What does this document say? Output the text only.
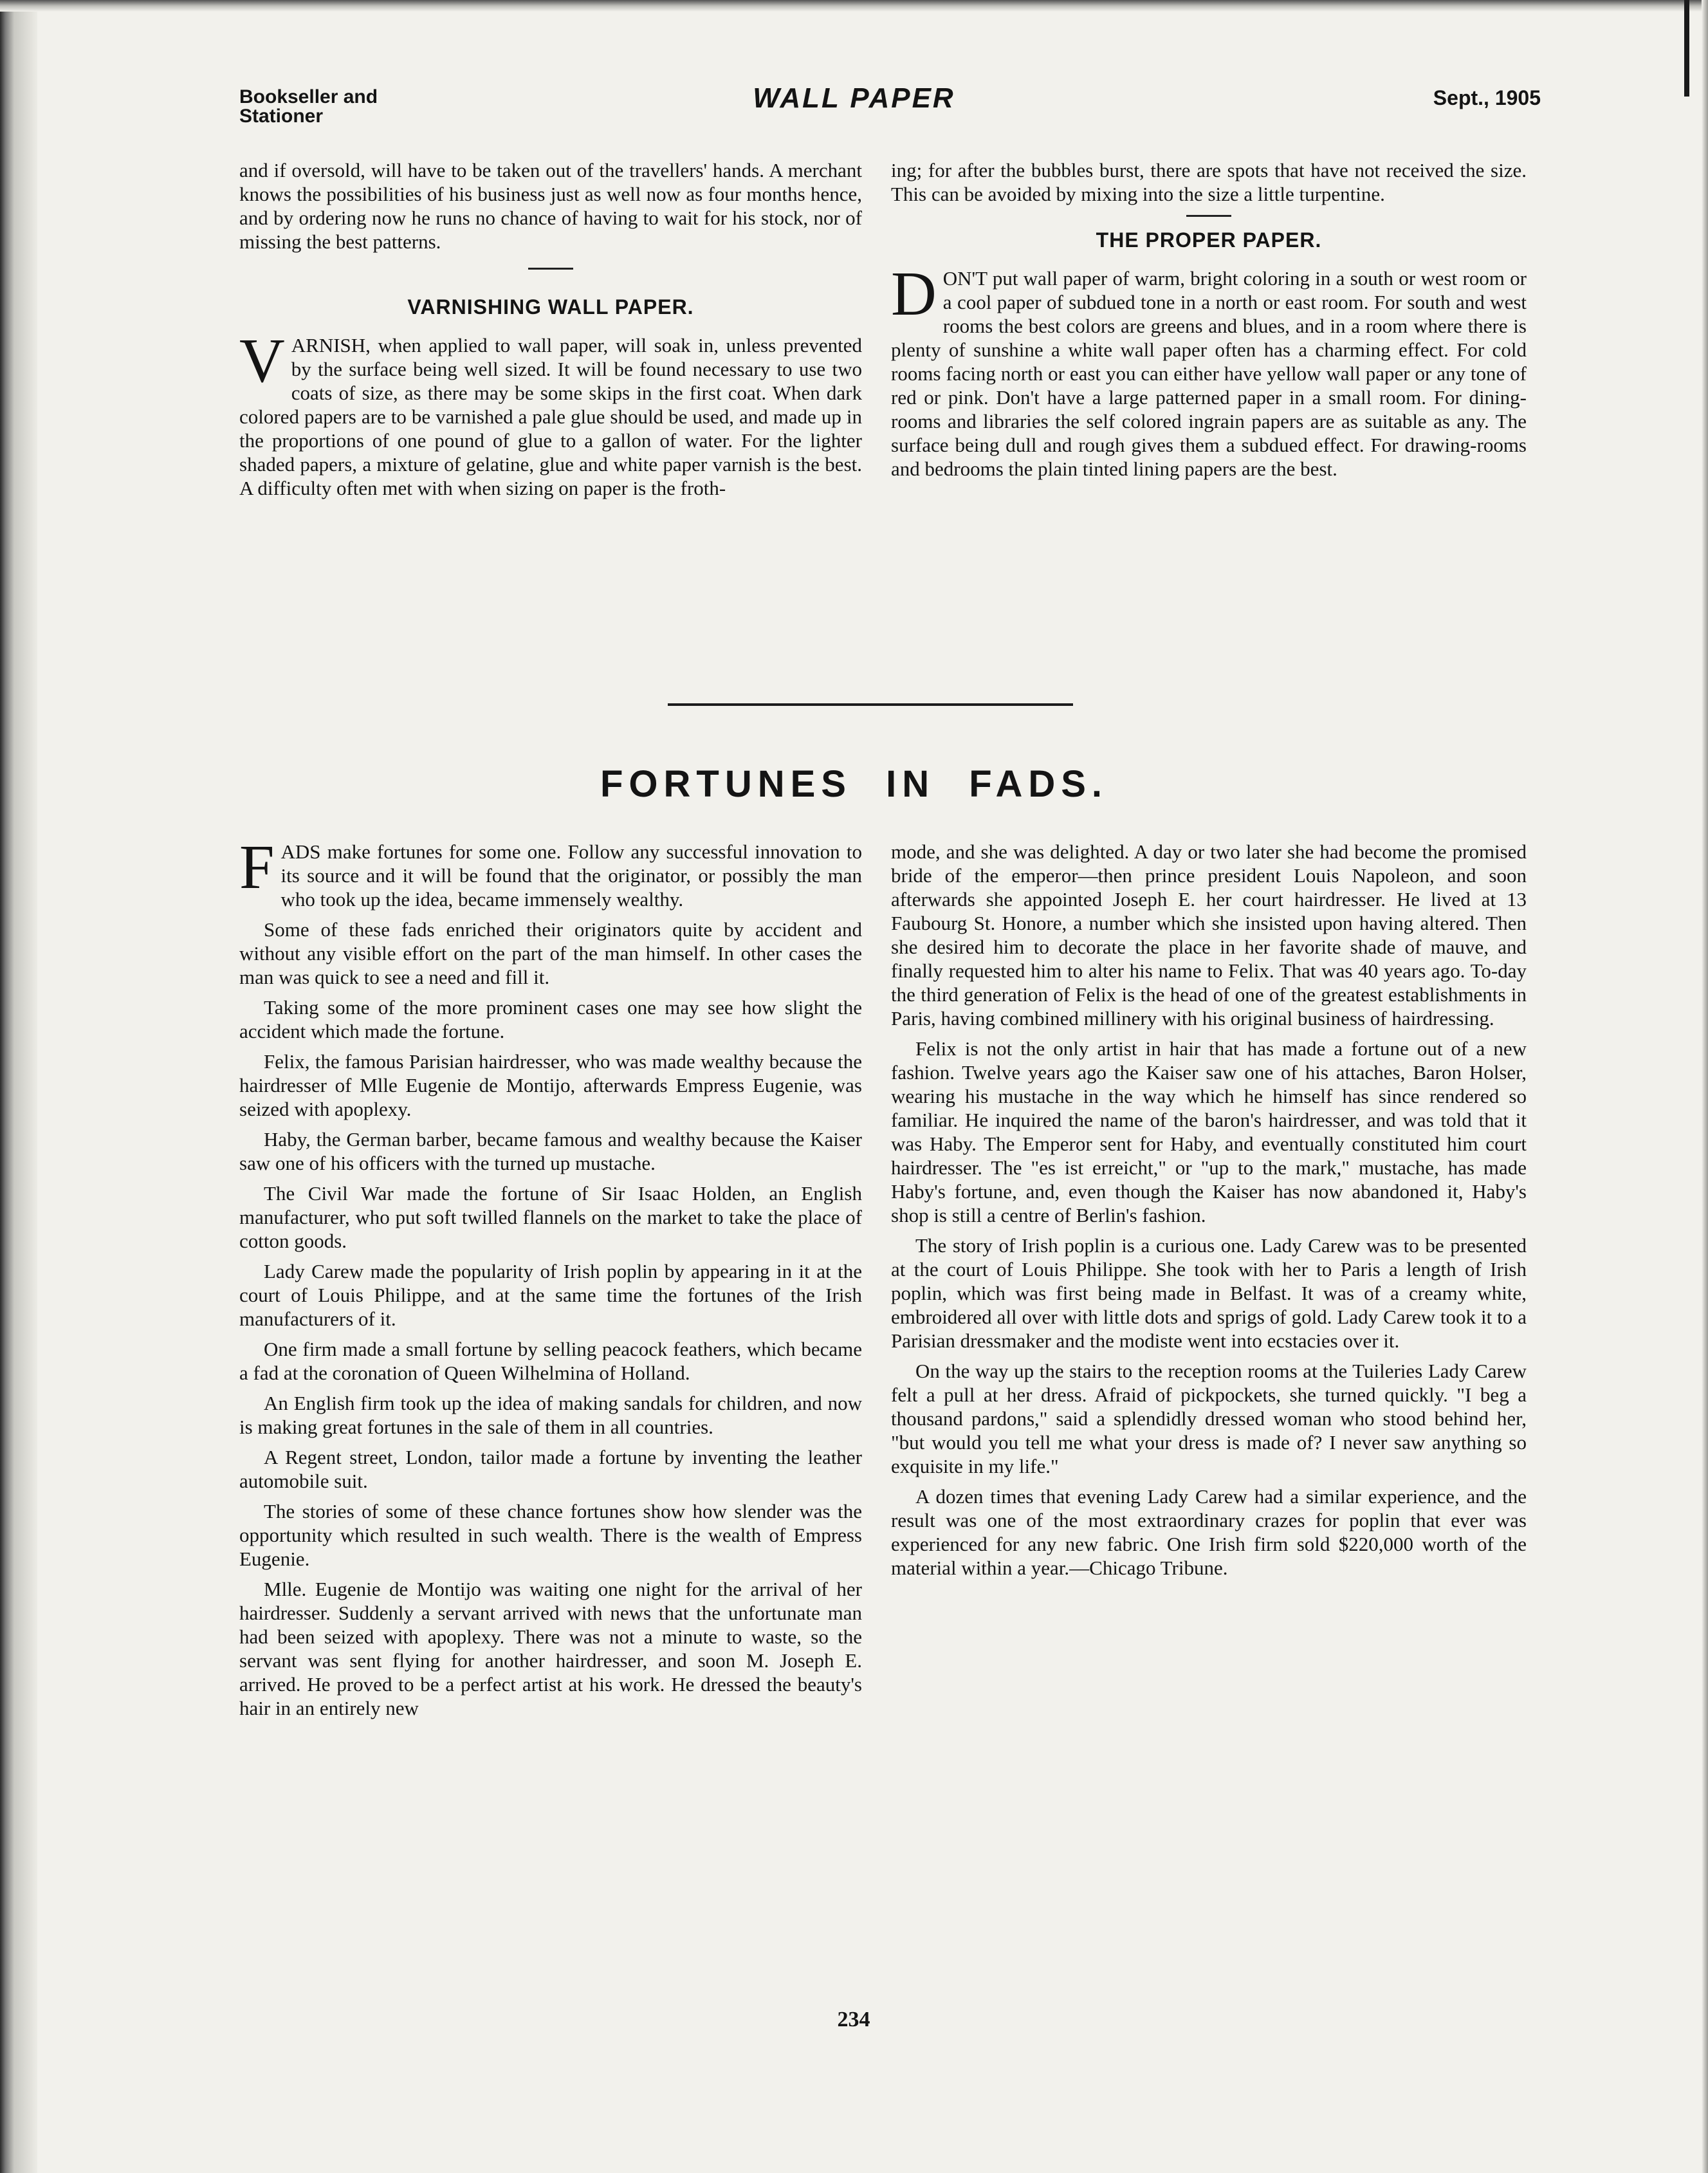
Bookseller and
Stationer
WALL PAPER	Sept., 1905

and if oversold, will have to be taken out of the travellers' hands. A merchant knows the possibilities of his business just as well now as four months hence, and by ordering now he runs no chance of having to wait for his stock, nor of missing the best patterns.

VARNISHING WALL PAPER.

VARNISH, when applied to wall paper, will soak in, unless prevented by the surface being well sized. It will be found necessary to use two coats of size, as there may be some skips in the first coat. When dark colored papers are to be varnished a pale glue should be used, and made up in the proportions of one pound of glue to a gallon of water. For the lighter shaded papers, a mixture of gelatine, glue and white paper varnish is the best. A difficulty often met with when sizing on paper is the froth-

ing; for after the bubbles burst, there are spots that have not received the size. This can be avoided by mixing into the size a little turpentine.

THE PROPER PAPER.

DON'T put wall paper of warm, bright coloring in a south or west room or a cool paper of subdued tone in a north or east room. For south and west rooms the best colors are greens and blues, and in a room where there is plenty of sunshine a white wall paper often has a charming effect. For cold rooms facing north or east you can either have yellow wall paper or any tone of red or pink. Don't have a large patterned paper in a small room. For dining-rooms and libraries the self colored ingrain papers are as suitable as any. The surface being dull and rough gives them a subdued effect. For drawing-rooms and bedrooms the plain tinted lining papers are the best.

FORTUNES IN FADS.

FADS make fortunes for some one. Follow any successful innovation to its source and it will be found that the originator, or possibly the man who took up the idea, became immensely wealthy.

Some of these fads enriched their originators quite by accident and without any visible effort on the part of the man himself. In other cases the man was quick to see a need and fill it.

Taking some of the more prominent cases one may see how slight the accident which made the fortune.

Felix, the famous Parisian hairdresser, who was made wealthy because the hairdresser of Mlle Eugenie de Montijo, afterwards Empress Eugenie, was seized with apoplexy.

Haby, the German barber, became famous and wealthy because the Kaiser saw one of his officers with the turned up mustache.

The Civil War made the fortune of Sir Isaac Holden, an English manufacturer, who put soft twilled flannels on the market to take the place of cotton goods.

Lady Carew made the popularity of Irish poplin by appearing in it at the court of Louis Philippe, and at the same time the fortunes of the Irish manufacturers of it.

One firm made a small fortune by selling peacock feathers, which became a fad at the coronation of Queen Wilhelmina of Holland.

An English firm took up the idea of making sandals for children, and now is making great fortunes in the sale of them in all countries.

A Regent street, London, tailor made a fortune by inventing the leather automobile suit.

The stories of some of these chance fortunes show how slender was the opportunity which resulted in such wealth. There is the wealth of Empress Eugenie.

Mlle. Eugenie de Montijo was waiting one night for the arrival of her hairdresser. Suddenly a servant arrived with news that the unfortunate man had been seized with apoplexy. There was not a minute to waste, so the servant was sent flying for another hairdresser, and soon M. Joseph E. arrived. He proved to be a perfect artist at his work. He dressed the beauty's hair in an entirely new

mode, and she was delighted. A day or two later she had become the promised bride of the emperor—then prince president Louis Napoleon, and soon afterwards she appointed Joseph E. her court hairdresser. He lived at 13 Faubourg St. Honore, a number which she insisted upon having altered. Then she desired him to decorate the place in her favorite shade of mauve, and finally requested him to alter his name to Felix. That was 40 years ago. To-day the third generation of Felix is the head of one of the greatest establishments in Paris, having combined millinery with his original business of hairdressing.

Felix is not the only artist in hair that has made a fortune out of a new fashion. Twelve years ago the Kaiser saw one of his attaches, Baron Holser, wearing his mustache in the way which he himself has since rendered so familiar. He inquired the name of the baron's hairdresser, and was told that it was Haby. The Emperor sent for Haby, and eventually constituted him court hairdresser. The "es ist erreicht," or "up to the mark," mustache, has made Haby's fortune, and, even though the Kaiser has now abandoned it, Haby's shop is still a centre of Berlin's fashion.

The story of Irish poplin is a curious one. Lady Carew was to be presented at the court of Louis Philippe. She took with her to Paris a length of Irish poplin, which was first being made in Belfast. It was of a creamy white, embroidered all over with little dots and sprigs of gold. Lady Carew took it to a Parisian dressmaker and the modiste went into ecstacies over it.

On the way up the stairs to the reception rooms at the Tuileries Lady Carew felt a pull at her dress. Afraid of pickpockets, she turned quickly. "I beg a thousand pardons," said a splendidly dressed woman who stood behind her, "but would you tell me what your dress is made of? I never saw anything so exquisite in my life."

A dozen times that evening Lady Carew had a similar experience, and the result was one of the most extraordinary crazes for poplin that ever was experienced for any new fabric. One Irish firm sold $220,000 worth of the material within a year.—Chicago Tribune.

234
